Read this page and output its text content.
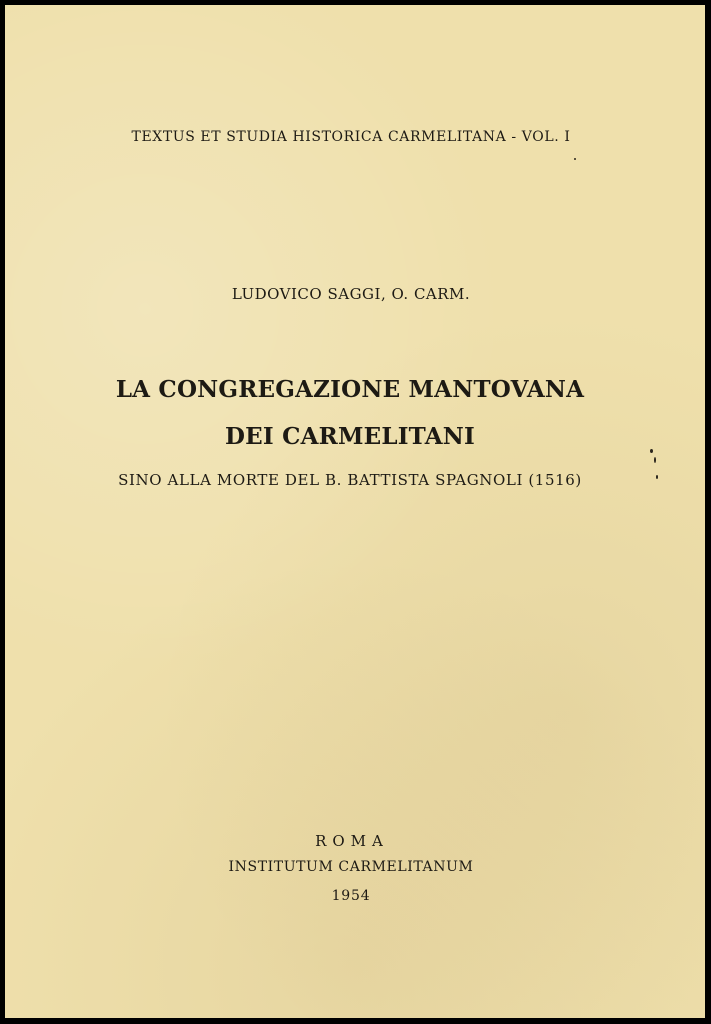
TEXTUS ET STUDIA HISTORICA CARMELITANA - VOL. I
LUDOVICO SAGGI, O. CARM.
LA CONGREGAZIONE MANTOVANA
DEI CARMELITANI
SINO ALLA MORTE DEL B. BATTISTA SPAGNOLI (1516)
ROMA
INSTITUTUM CARMELITANUM
1954
